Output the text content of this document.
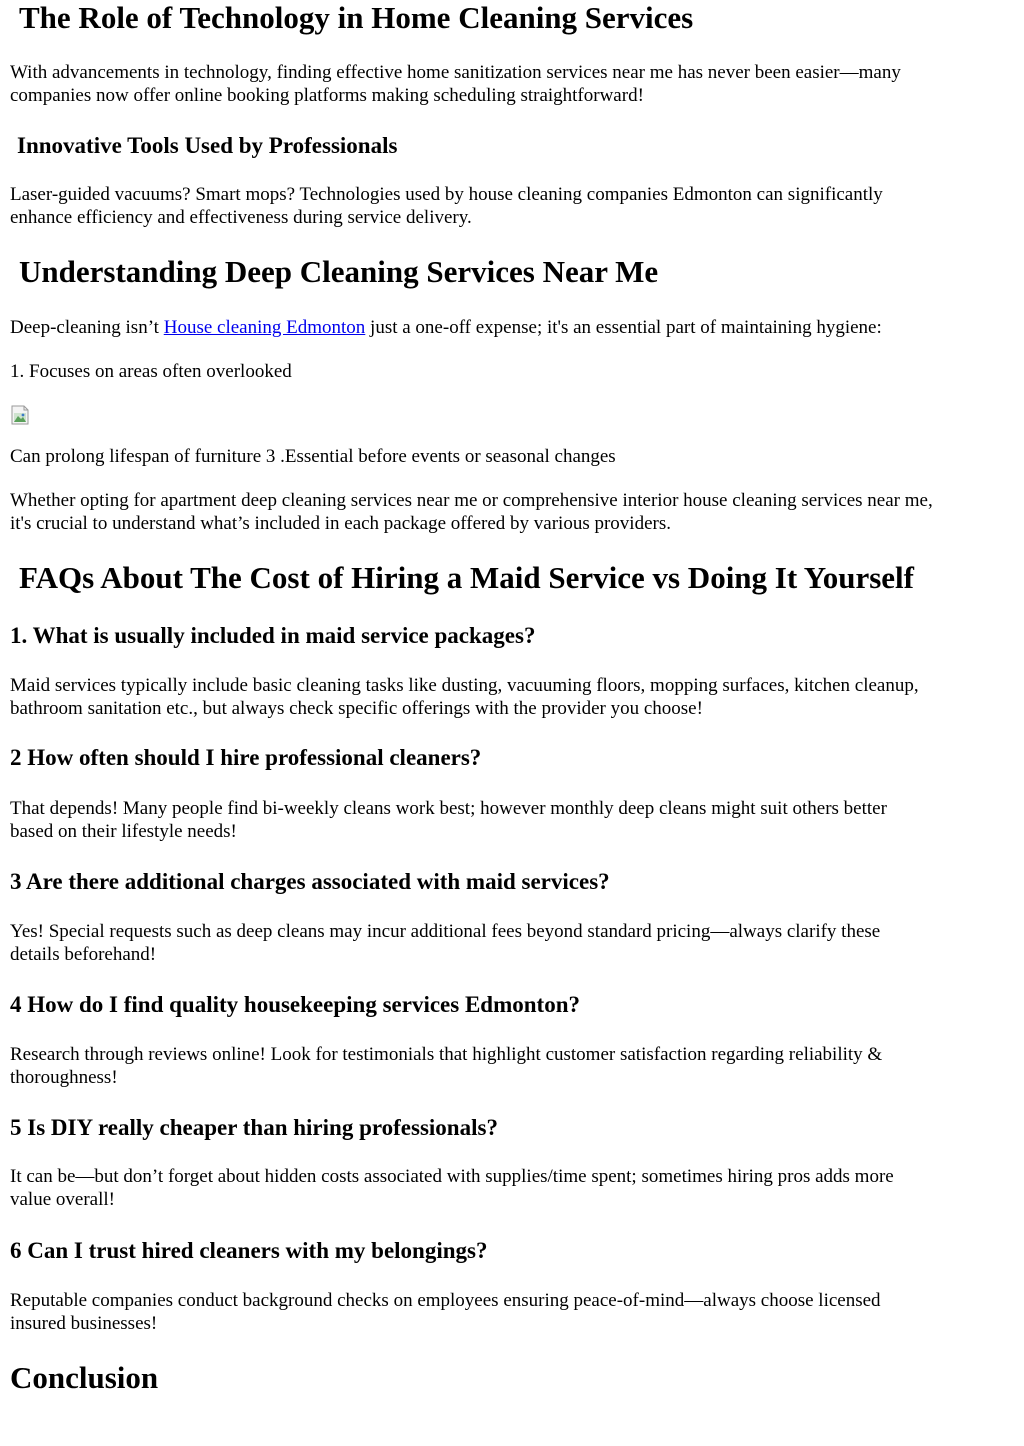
The Role of Technology in Home Cleaning Services

With advancements in technology, finding effective home sanitization services near me has never been easier—many

companies now offer online booking platforms making scheduling straightforward!

Innovative Tools Used by Professionals

Laser-guided vacuums? Smart mops? Technologies used by house cleaning companies Edmonton can significantly

enhance efficiency and effectiveness during service delivery.

Understanding Deep Cleaning Services Near Me

Deep-cleaning isn’t House cleaning Edmonton just a one-off expense; it's an essential part of maintaining hygiene:

1. Focuses on areas often overlooked

Can prolong lifespan of furniture 3 .Essential before events or seasonal changes

Whether opting for apartment deep cleaning services near me or comprehensive interior house cleaning services near me,

it's crucial to understand what’s included in each package offered by various providers.

FAQs About The Cost of Hiring a Maid Service vs Doing It Yourself
1. What is usually included in maid service packages?

Maid services typically include basic cleaning tasks like dusting, vacuuming floors, mopping surfaces, kitchen cleanup,

bathroom sanitation etc., but always check specific offerings with the provider you choose!

2 How often should I hire professional cleaners?

That depends! Many people find bi-weekly cleans work best; however monthly deep cleans might suit others better

based on their lifestyle needs!

3 Are there additional charges associated with maid services?

Yes! Special requests such as deep cleans may incur additional fees beyond standard pricing—always clarify these

details beforehand!

4 How do I find quality housekeeping services Edmonton?

Research through reviews online! Look for testimonials that highlight customer satisfaction regarding reliability &

thoroughness!

5 Is DIY really cheaper than hiring professionals?

It can be—but don’t forget about hidden costs associated with supplies/time spent; sometimes hiring pros adds more

value overall!

6 Can I trust hired cleaners with my belongings?

Reputable companies conduct background checks on employees ensuring peace-of-mind—always choose licensed

insured businesses!

Conclusion
